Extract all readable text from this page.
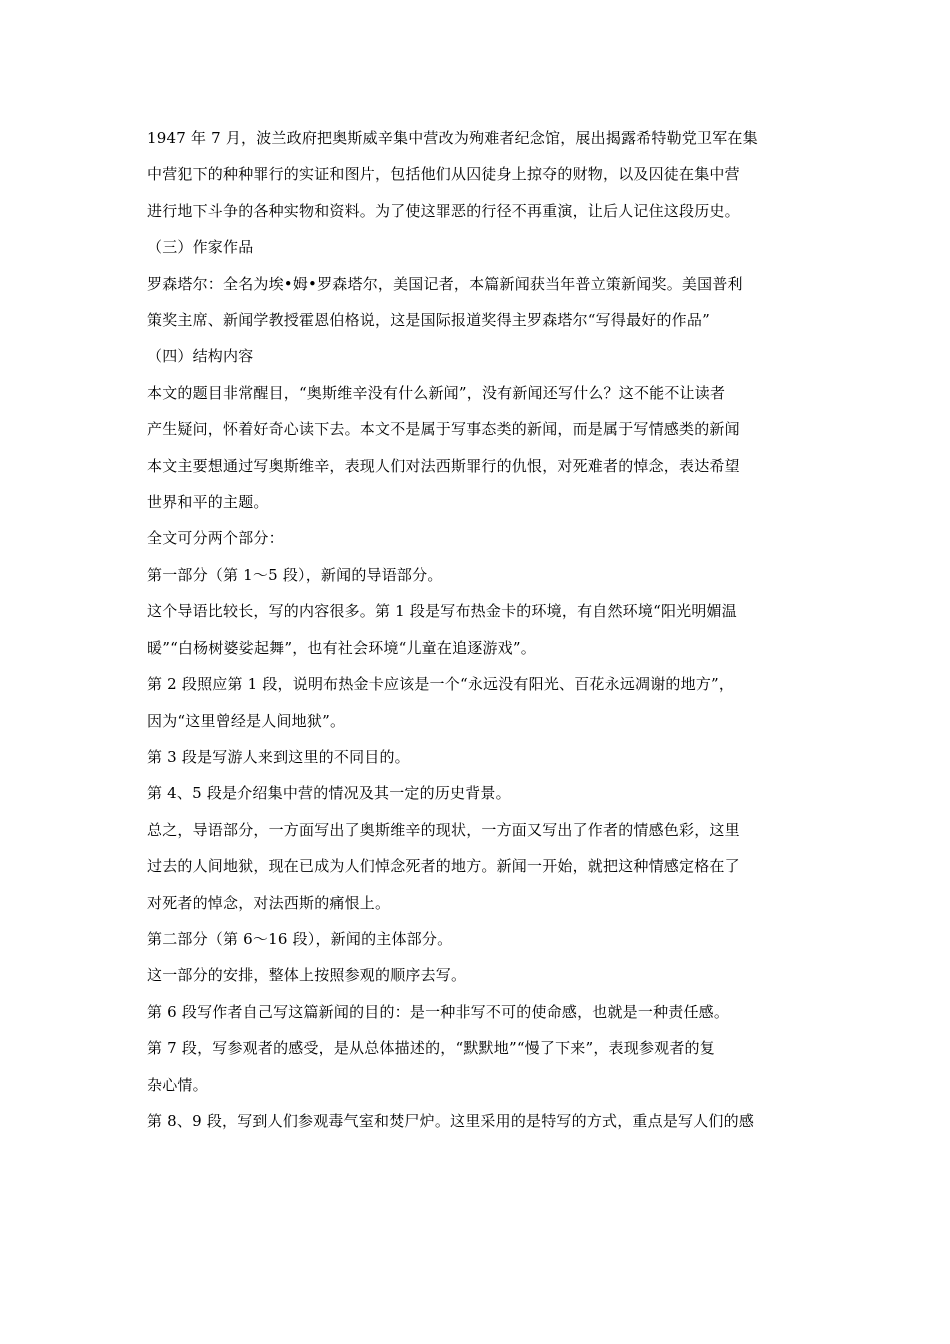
1947 年 7 月，波兰政府把奥斯威辛集中营改为殉难者纪念馆，展出揭露希特勒党卫军在集
中营犯下的种种罪行的实证和图片，包括他们从囚徒身上掠夺的财物，以及囚徒在集中营
进行地下斗争的各种实物和资料。为了使这罪恶的行径不再重演，让后人记住这段历史。
（三）作家作品
罗森塔尔：全名为埃•姆•罗森塔尔，美国记者，本篇新闻获当年普立策新闻奖。美国普利
策奖主席、新闻学教授霍恩伯格说，这是国际报道奖得主罗森塔尔“写得最好的作品”
（四）结构内容
本文的题目非常醒目，“奥斯维辛没有什么新闻”，没有新闻还写什么？这不能不让读者
产生疑问，怀着好奇心读下去。本文不是属于写事态类的新闻，而是属于写情感类的新闻
本文主要想通过写奥斯维辛，表现人们对法西斯罪行的仇恨，对死难者的悼念，表达希望
世界和平的主题。
全文可分两个部分：
第一部分（第 1～5 段），新闻的导语部分。
这个导语比较长，写的内容很多。第 1 段是写布热金卡的环境，有自然环境“阳光明媚温
暖”“白杨树婆娑起舞”，也有社会环境“儿童在追逐游戏”。
第 2 段照应第 1 段，说明布热金卡应该是一个“永远没有阳光、百花永远凋谢的地方”，
因为“这里曾经是人间地狱”。
第 3 段是写游人来到这里的不同目的。
第 4、5 段是介绍集中营的情况及其一定的历史背景。
总之，导语部分，一方面写出了奥斯维辛的现状，一方面又写出了作者的情感色彩，这里
过去的人间地狱，现在已成为人们悼念死者的地方。新闻一开始，就把这种情感定格在了
对死者的悼念，对法西斯的痛恨上。
第二部分（第 6～16 段），新闻的主体部分。
这一部分的安排，整体上按照参观的顺序去写。
第 6 段写作者自己写这篇新闻的目的：是一种非写不可的使命感，也就是一种责任感。
第 7 段，写参观者的感受，是从总体描述的，“默默地”“慢了下来”，表现参观者的复
杂心情。
第 8、9 段，写到人们参观毒气室和焚尸炉。这里采用的是特写的方式，重点是写人们的感
